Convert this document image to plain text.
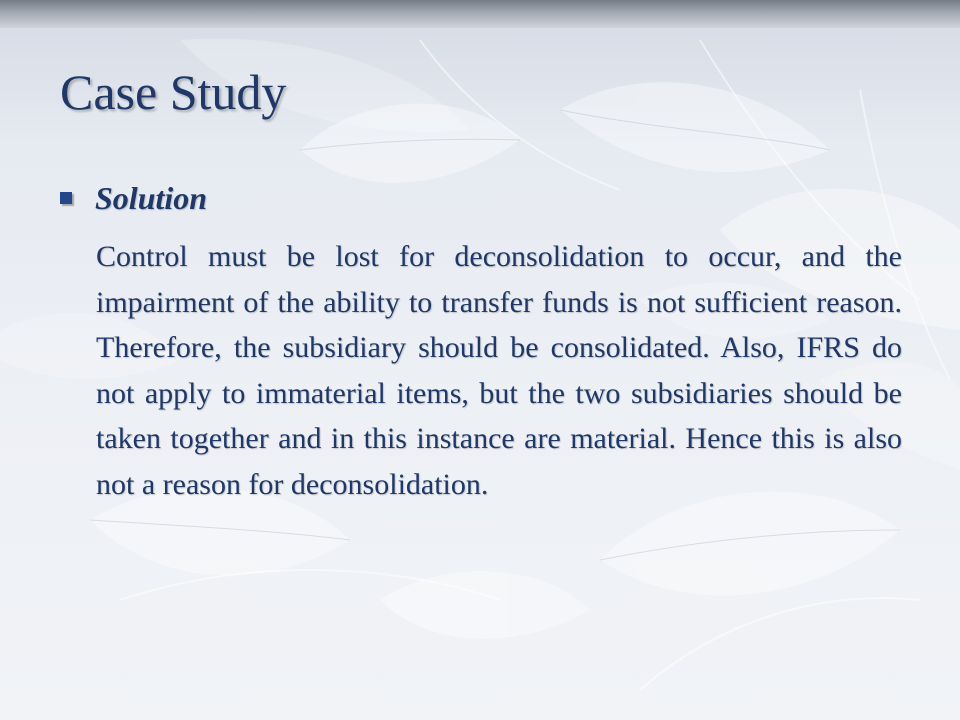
Case Study
Solution

Control must be lost for deconsolidation to occur, and the impairment of the ability to transfer funds is not sufficient reason. Therefore, the subsidiary should be consolidated. Also, IFRS do not apply to immaterial items, but the two subsidiaries should be taken together and in this instance are material. Hence this is also not a reason for deconsolidation.
